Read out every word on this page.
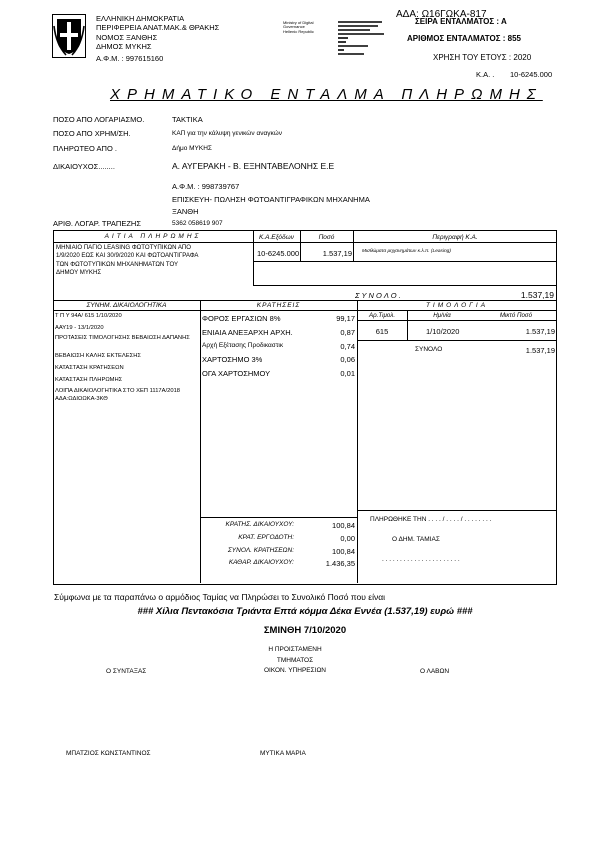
ΕΛΛΗΝΙΚΗ ΔΗΜΟΚΡΑΤΙΑ
ΠΕΡΙΦΕΡΕΙΑ ΑΝΑΤ.ΜΑΚ.& ΘΡΑΚΗΣ
ΝΟΜΟΣ ΞΑΝΘΗΣ
ΔΗΜΟΣ ΜΥΚΗΣ
Α.Φ.Μ. : 997615160
Ministry of Digital
Governance
Hellenic Republic
ΑΔΑ: Ω16ΓΩΚΑ-817
ΣΕΙΡΑ ΕΝΤΑΛΜΑΤΟΣ : Α
ΑΡΙΘΜΟΣ ΕΝΤΑΛΜΑΤΟΣ : 855
ΧΡΗΣΗ ΤΟΥ ΕΤΟΥΣ : 2020
Κ.Α. . 10-6245.000
ΧΡΗΜΑΤΙΚΟ ΕΝΤΑΛΜΑ ΠΛΗΡΩΜΗΣ
ΠΟΣΟ ΑΠΟ ΛΟΓΑΡΙΑΣΜΟ.	ΤΑΚΤΙΚΑ
ΠΟΣΟ ΑΠΟ ΧΡΗΜ/ΣΗ.	ΚΑΠ για την κάλυψη γενικών αναγκών
ΠΛΗΡΩΤΕΟ ΑΠΟ .	Δήμο ΜΥΚΗΣ
ΔΙΚΑΙΟΥΧΟΣ........	Α. ΑΥΓΕΡΑΚΗ - Β. ΕΞΗΝΤΑΒΕΛΟΝΗΣ Ε.Ε
Α.Φ.Μ. : 998739767
ΕΠΙΣΚΕΥΗ- ΠΩΛΗΣΗ ΦΩΤΟΑΝΤΙΓΡΑΦΙΚΩΝ ΜΗΧΑΝΗΜΑ
ΞΑΝΘΗ
ΑΡΙΘ. ΛΟΓΑΡ. ΤΡΑΠΕΖΗΣ	5362 058619 907
ΑΙΤΙΑ ΠΛΗΡΩΜΗΣ	Κ.Α.Εξόδων	Ποσό	Περιγραφή Κ.Α.
ΜΗΝΙΑΙΟ ΠΑΓΙΟ LEASING ΦΩΤΟΤΥΠΙΚΩΝ ΑΠΟ
1/9/2020 ΕΩΣ ΚΑΙ 30/9/2020 ΚΑΙ ΦΩΤΟΑΝΤΙΓΡΑΦΑ
ΤΩΝ ΦΩΤΟΤΥΠΙΚΩΝ ΜΗΧΑΝΗΜΑΤΩΝ ΤΟΥ
ΔΗΜΟΥ ΜΥΚΗΣ
10-6245.000	1.537,19 Μισθώματα μηχανημάτων κ.λ.π. (Leasing)
Σ Υ Ν Ο Λ Ο .	1.537,19
ΣΥΝΗΜ. ΔΙΚΑΙΟΛΟΓΗΤΙΚΑ	ΚΡΑΤΗΣΕΙΣ	ΤΙΜΟΛΟΓΙΑ
Τ Π Υ 94Α/ 615 1/10/2020
ΑΑΥ19 - 13/1/2020
ΠΡΟΤΑΣΕΙΣ ΤΙΜΟΛΟΓΗΣΗΣ ΒΕΒΑΙΩΣΗ ΔΑΠΑΝΗΣ
ΒΕΒΑΙΩΣΗ ΚΑΛΗΣ ΕΚΤΕΛΕΣΗΣ
ΚΑΤΑΣΤΑΣΗ ΚΡΑΤΗΣΕΩΝ
ΚΑΤΑΣΤΑΣΗ ΠΛΗΡΩΜΗΣ
ΛΟΙΠΑ ΔΙΚΑΙΟΛΟΓΗΤΙΚΑ ΣΤΟ ΧΕΠ 1117Α/2018 ΑΔΑ:ΩΔΙΩΩΚΑ-3ΚΘ
ΦΟΡΟΣ ΕΡΓΑΣΙΩΝ 8%	99,17
ΕΝΙΑΙΑ ΑΝΕΞΑΡΧΗ ΑΡΧΗ.	0,87
Αρχή Εξέτασης Προδικαστικ	0,74
ΧΑΡΤΟΣΗΜΟ 3%	0,06
ΟΓΑ ΧΑΡΤΟΣΗΜΟΥ	0,01
Αρ.Τιμολ.	Ημ/νία	Μικτό Ποσό
615	1/10/2020	1.537,19
ΣΥΝΟΛΟ	1.537,19
ΚΡΑΤΗΣ. ΔΙΚΑΙΟΥΧΟΥ:	100,84
ΚΡΑΤ. ΕΡΓΟΔΟΤΗ:	0,00
ΣΥΝΟΛ. ΚΡΑΤΗΣΕΩΝ:	100,84
ΚΑΘΑΡ. ΔΙΚΑΙΟΥΧΟΥ:	1.436,35
ΠΛΗΡΩΘΗΚΕ ΤΗΝ . . . . / . . . . / . . . . . . . .
Ο ΔΗΜ. ΤΑΜΙΑΣ
. . . . . . . . . . . . . . . . . . . . . .
Σύμφωνα με τα παραπάνω ο αρμόδιος Ταμίας να Πληρώσει το Συνολικό Ποσό που είναι
### Χίλια Πεντακόσια Τριάντα Επτά κόμμα Δέκα Εννέα (1.537,19) ευρώ ###
ΣΜΙΝΘΗ 7/10/2020
Η ΠΡΟΙΣΤΑΜΕΝΗ
ΤΜΗΜΑΤΟΣ
ΟΙΚΟΝ. ΥΠΗΡΕΣΙΩΝ
Ο ΣΥΝΤΑΞΑΣ	Ο ΛΑΒΩΝ
ΜΠΑΤΖΙΟΣ ΚΩΝΣΤΑΝΤΙΝΟΣ	ΜΥΤΙΚΑ ΜΑΡΙΑ
